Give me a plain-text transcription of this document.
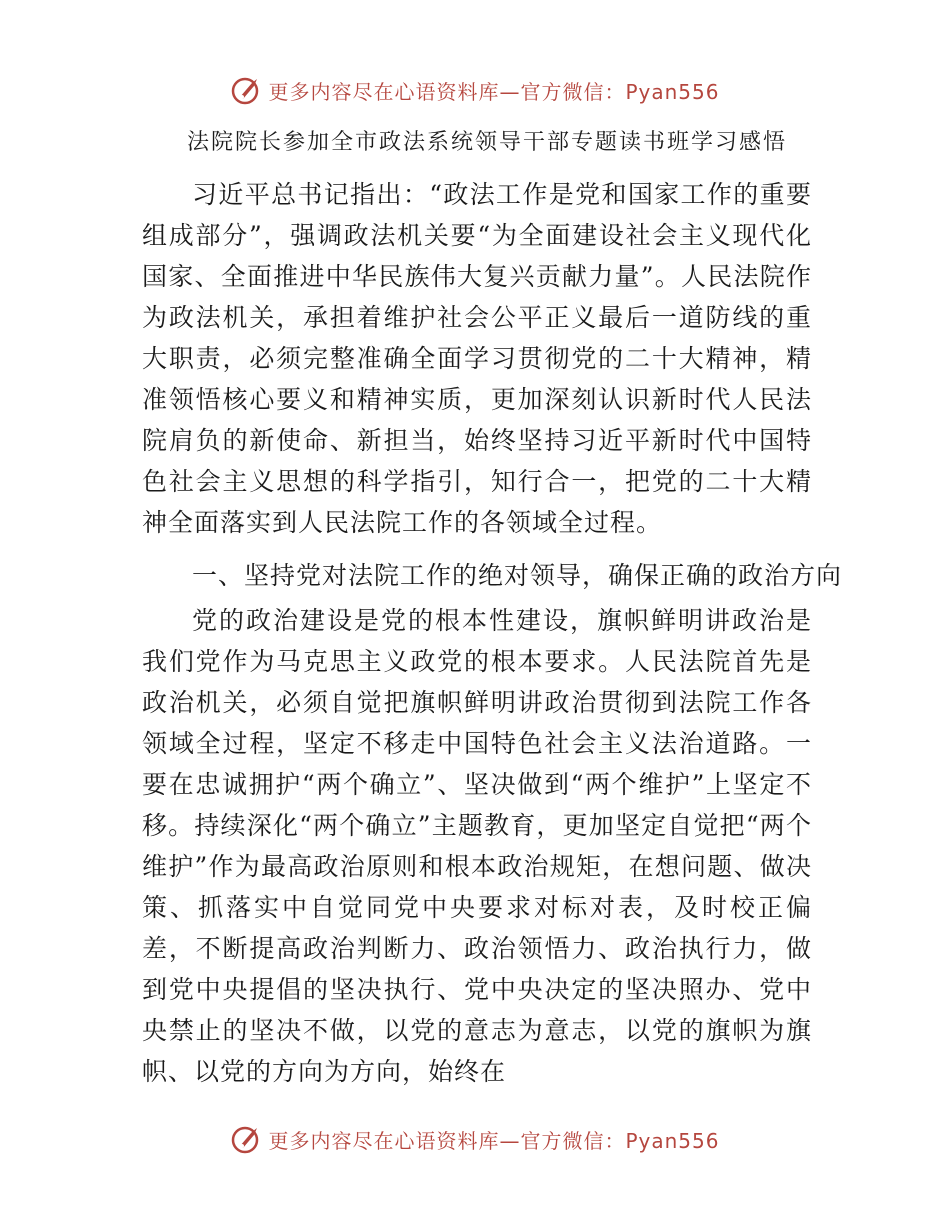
更多内容尽在心语资料库—官方微信：Pyan556
法院院长参加全市政法系统领导干部专题读书班学习感悟

习近平总书记指出：“政法工作是党和国家工作的重要组成部分”，强调政法机关要“为全面建设社会主义现代化国家、全面推进中华民族伟大复兴贡献力量”。人民法院作为政法机关，承担着维护社会公平正义最后一道防线的重大职责，必须完整准确全面学习贯彻党的二十大精神，精准领悟核心要义和精神实质，更加深刻认识新时代人民法院肩负的新使命、新担当，始终坚持习近平新时代中国特色社会主义思想的科学指引，知行合一，把党的二十大精神全面落实到人民法院工作的各领域全过程。

一、坚持党对法院工作的绝对领导，确保正确的政治方向

党的政治建设是党的根本性建设，旗帜鲜明讲政治是我们党作为马克思主义政党的根本要求。人民法院首先是政治机关，必须自觉把旗帜鲜明讲政治贯彻到法院工作各领域全过程，坚定不移走中国特色社会主义法治道路。一要在忠诚拥护“两个确立”、坚决做到“两个维护”上坚定不移。持续深化“两个确立”主题教育，更加坚定自觉把“两个维护”作为最高政治原则和根本政治规矩，在想问题、做决策、抓落实中自觉同党中央要求对标对表，及时校正偏差，不断提高政治判断力、政治领悟力、政治执行力，做到党中央提倡的坚决执行、党中央决定的坚决照办、党中央禁止的坚决不做，以党的意志为意志，以党的旗帜为旗帜、以党的方向为方向，始终在

更多内容尽在心语资料库—官方微信：Pyan556
